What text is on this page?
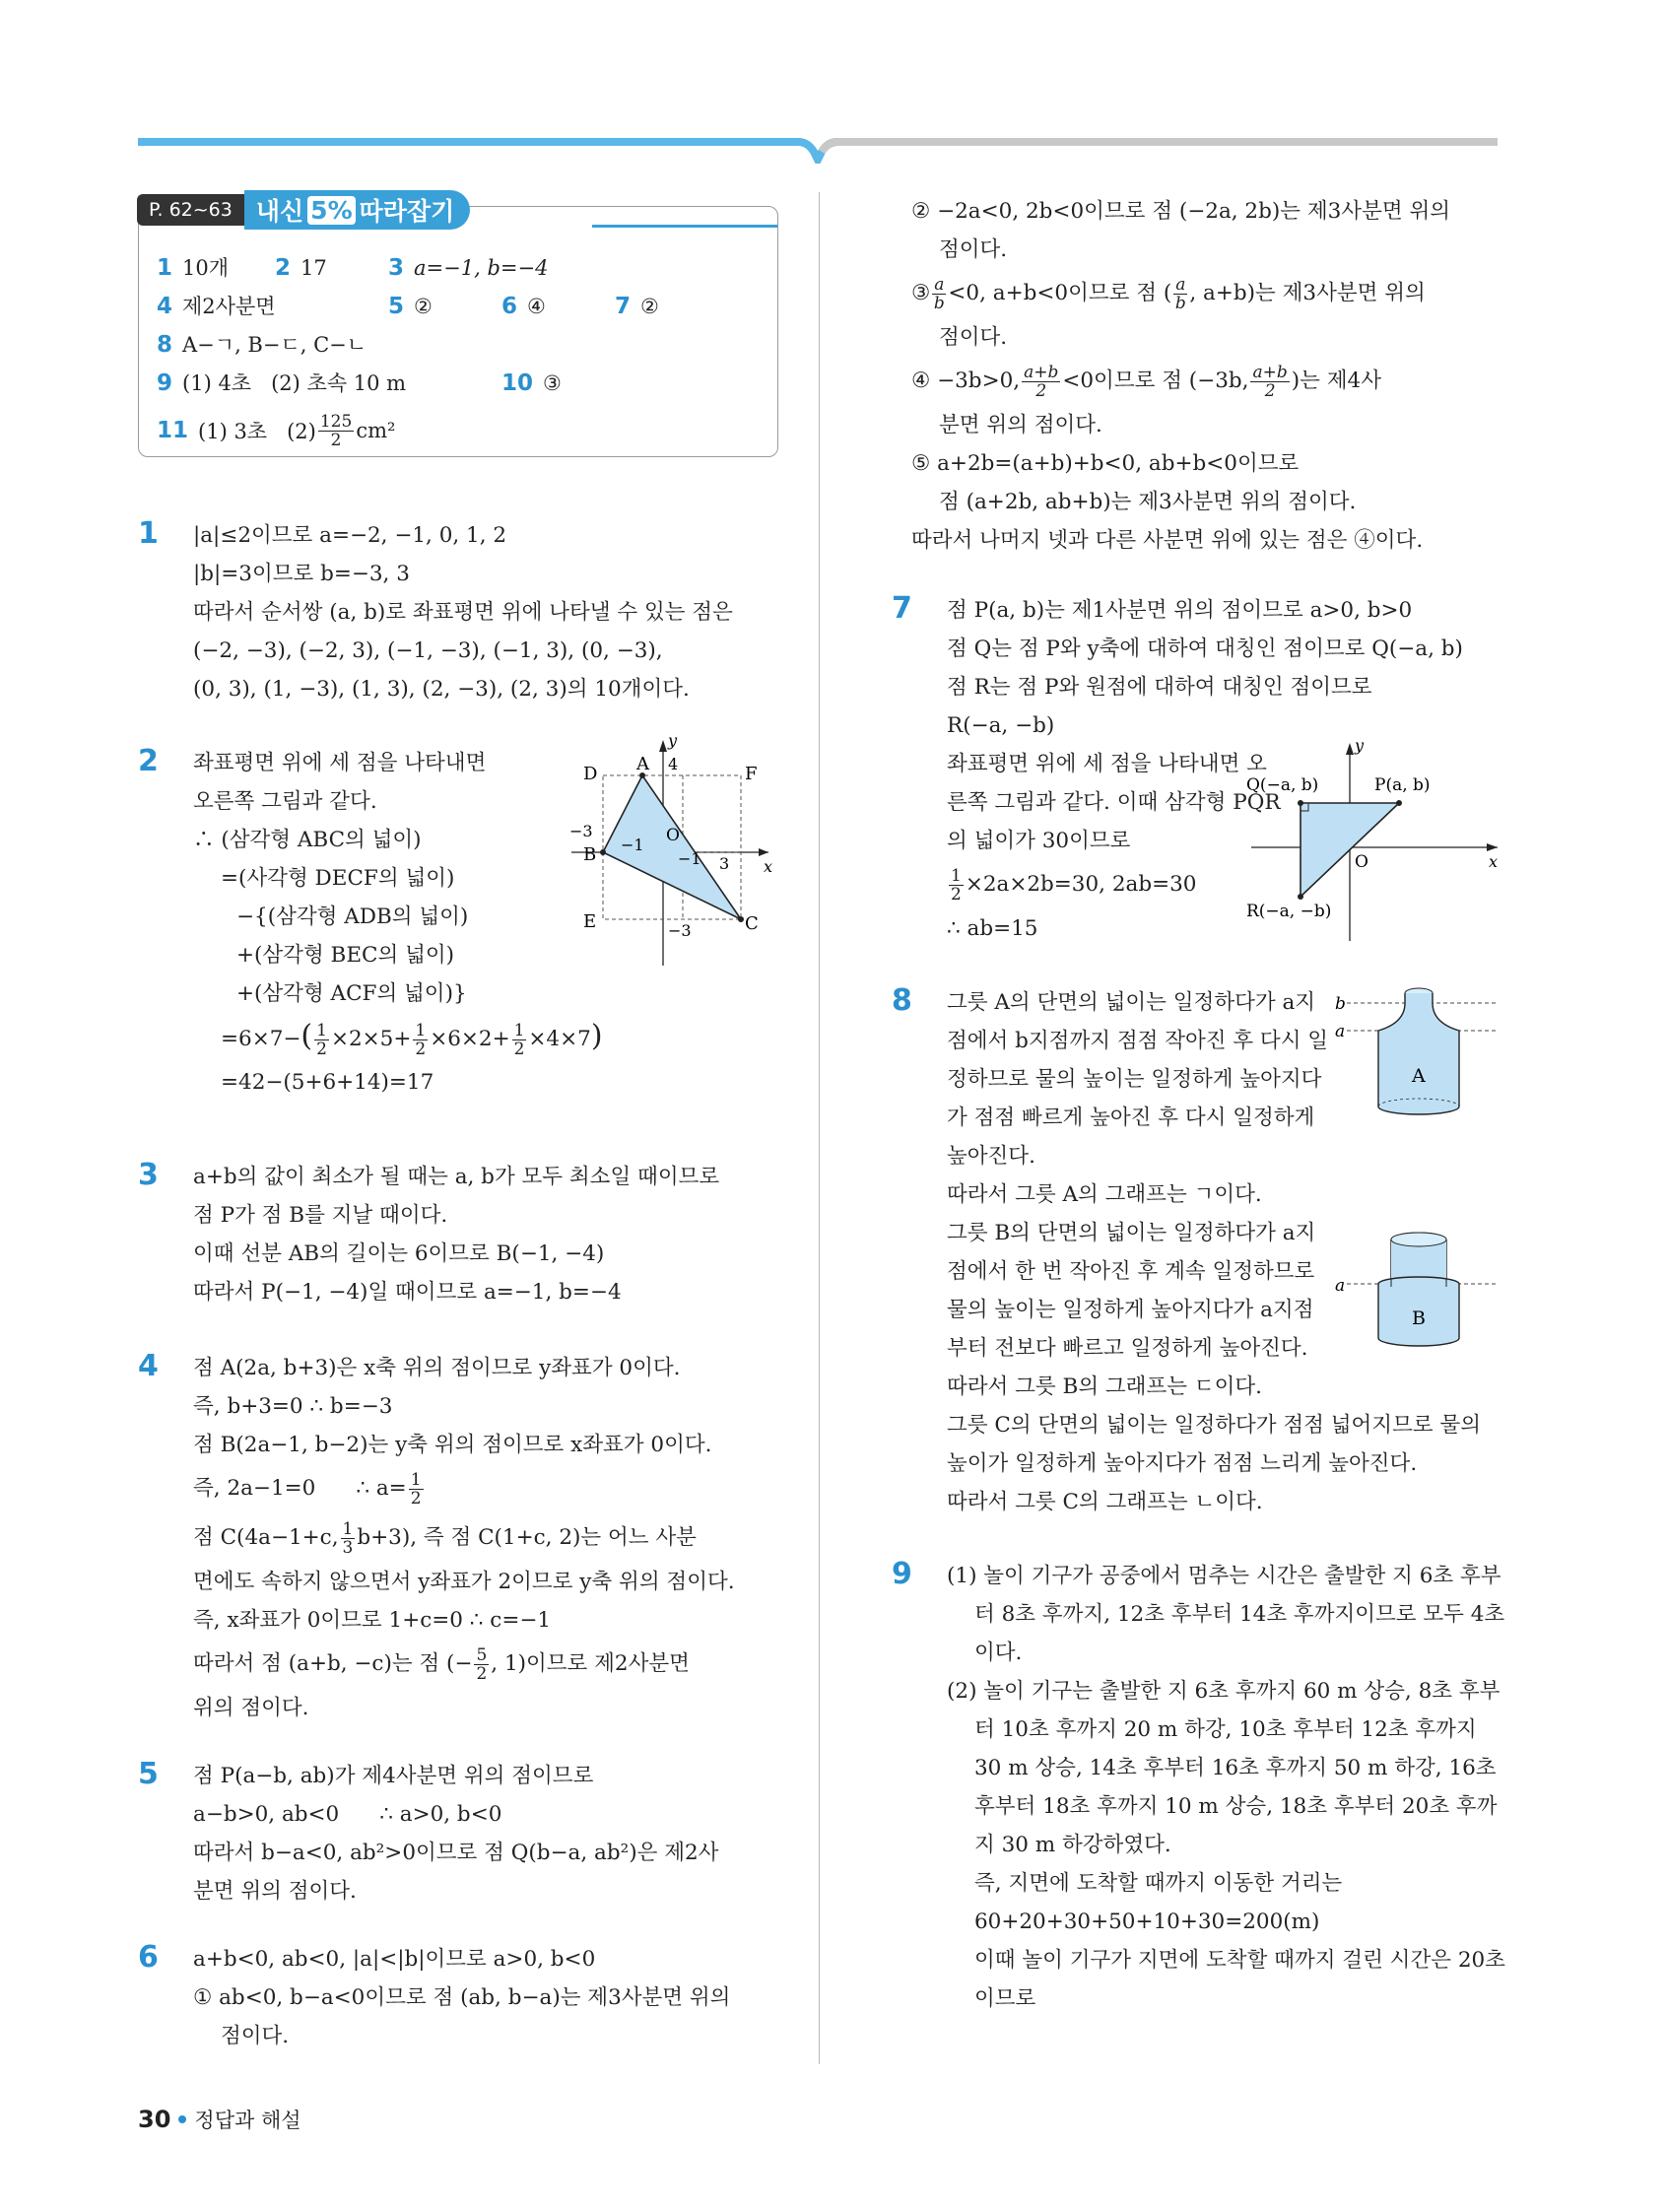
P. 62~63 내신 5% 따라잡기
1 10개 2 17	3 a=−1, b=−4
4 제2사분면	5 ②	6 ④	7 ②
8 A−ㄱ, B−ㄷ, C−ㄴ
9 (1) 4초   (2) 초속 10 m	10 ③
11 (1) 3초   $(2) \frac{125}{2} cm^2$
1 |a|≤2이므로 a=−2, −1, 0, 1, 2
|b|=3이므로 b=−3, 3
따라서 순서쌍 (a, b)로 좌표평면 위에 나타낼 수 있는 점은
(−2, −3), (−2, 3), (−1, −3), (−1, 3), (0, −3),
(0, 3), (1, −3), (1, 3), (2, −3), (2, 3)의 10개이다.
2 좌표평면 위에 세 점을 나타내면
오른쪽 그림과 같다.
∴ (삼각형 ABC의 넓이)
=(사각형 DECF의 넓이)
−{(삼각형 ADB의 넓이)
+(삼각형 BEC의 넓이)
+(삼각형 ACF의 넓이)}
$=6\times 7-( \frac{1}{2} \times 2\times 5+ \frac{1}{2} \times 6\times 2+ \frac{1}{2} \times 4\times 7)$
=42−(5+6+14)=17
y
x
A
D	F
B
E	C
O
4
−3
3
−1
−1
−3
3 a+b의 값이 최소가 될 때는 a, b가 모두 최소일 때이므로
점 P가 점 B를 지날 때이다.
이때 선분 AB의 길이는 6이므로 B(−1, −4)
따라서 P(−1, −4)일 때이므로 a=−1, b=−4
4 점 A(2a, b+3)은 x축 위의 점이므로 y좌표가 0이다.
즉, b+3=0 ∴ b=−3
점 B(2a−1, b−2)는 y축 위의 점이므로 x좌표가 0이다.
즉, 2a−1=0      ∴ $a= \frac{1}{2}$
점 C(4a−1+c, $\frac{1}{3} b+3$), 즉 점 C(1+c, 2)는 어느 사분
면에도 속하지 않으면서 y좌표가 2이므로 y축 위의 점이다.
즉, x좌표가 0이므로 1+c=0 ∴ c=−1
따라서 점 (a+b, −c)는 점 (− $\frac{5}{2}$ , 1)이므로 제2사분면
위의 점이다.
5 점 P(a−b, ab)가 제4사분면 위의 점이므로
a−b>0, ab<0      ∴ a>0, b<0
따라서 b−a<0, ab²>0이므로 점 Q(b−a, ab²)은 제2사
분면 위의 점이다.
6 a+b<0, ab<0, |a|<|b|이므로 a>0, b<0
① ab<0, b−a<0이므로 점 (ab, b−a)는 제3사분면 위의
점이다.
② −2a<0, 2b<0이므로 점 (−2a, 2b)는 제3사분면 위의
점이다.
③ $\frac{a}{b} <0$, a+b<0이므로 점 ( $\frac{a}{b}$ , a+b)는 제3사분면 위의
점이다.
④ −3b>0, $\frac{a+b}{2} <0$이므로 점 (−3b, $\frac{a+b}{2}$ )는 제4사
분면 위의 점이다.
⑤ a+2b=(a+b)+b<0, ab+b<0이므로
점 (a+2b, ab+b)는 제3사분면 위의 점이다.
따라서 나머지 넷과 다른 사분면 위에 있는 점은 ④이다.
7 점 P(a, b)는 제1사분면 위의 점이므로 a>0, b>0
점 Q는 점 P와 y축에 대하여 대칭인 점이므로 Q(−a, b)
점 R는 점 P와 원점에 대하여 대칭인 점이므로
R(−a, −b)
좌표평면 위에 세 점을 나타내면 오
른쪽 그림과 같다. 이때 삼각형 PQR
의 넓이가 30이므로
$\frac{1}{2} \times 2a\times 2b=30$, 2ab=30
∴ ab=15
y
x
O
Q(−a, b)	P(a, b)
R(−a, −b)
8 그릇 A의 단면의 넓이는 일정하다가 a지
점에서 b지점까지 점점 작아진 후 다시 일
정하므로 물의 높이는 일정하게 높아지다
가 점점 빠르게 높아진 후 다시 일정하게
높아진다.
따라서 그릇 A의 그래프는 ㄱ이다.
그릇 B의 단면의 넓이는 일정하다가 a지
점에서 한 번 작아진 후 계속 일정하므로
물의 높이는 일정하게 높아지다가 a지점
부터 전보다 빠르고 일정하게 높아진다.
따라서 그릇 B의 그래프는 ㄷ이다.
그릇 C의 단면의 넓이는 일정하다가 점점 넓어지므로 물의
높이가 일정하게 높아지다가 점점 느리게 높아진다.
따라서 그릇 C의 그래프는 ㄴ이다.
b
a
A
a
B
9 (1) 놀이 기구가 공중에서 멈추는 시간은 출발한 지 6초 후부
터 8초 후까지, 12초 후부터 14초 후까지이므로 모두 4초
이다.
(2) 놀이 기구는 출발한 지 6초 후까지 60 m 상승, 8초 후부
터 10초 후까지 20 m 하강, 10초 후부터 12초 후까지
30 m 상승, 14초 후부터 16초 후까지 50 m 하강, 16초
후부터 18초 후까지 10 m 상승, 18초 후부터 20초 후까
지 30 m 하강하였다.
즉, 지면에 도착할 때까지 이동한 거리는
60+20+30+50+10+30=200(m)
이때 놀이 기구가 지면에 도착할 때까지 걸린 시간은 20초
이므로
30 정답과 해설
